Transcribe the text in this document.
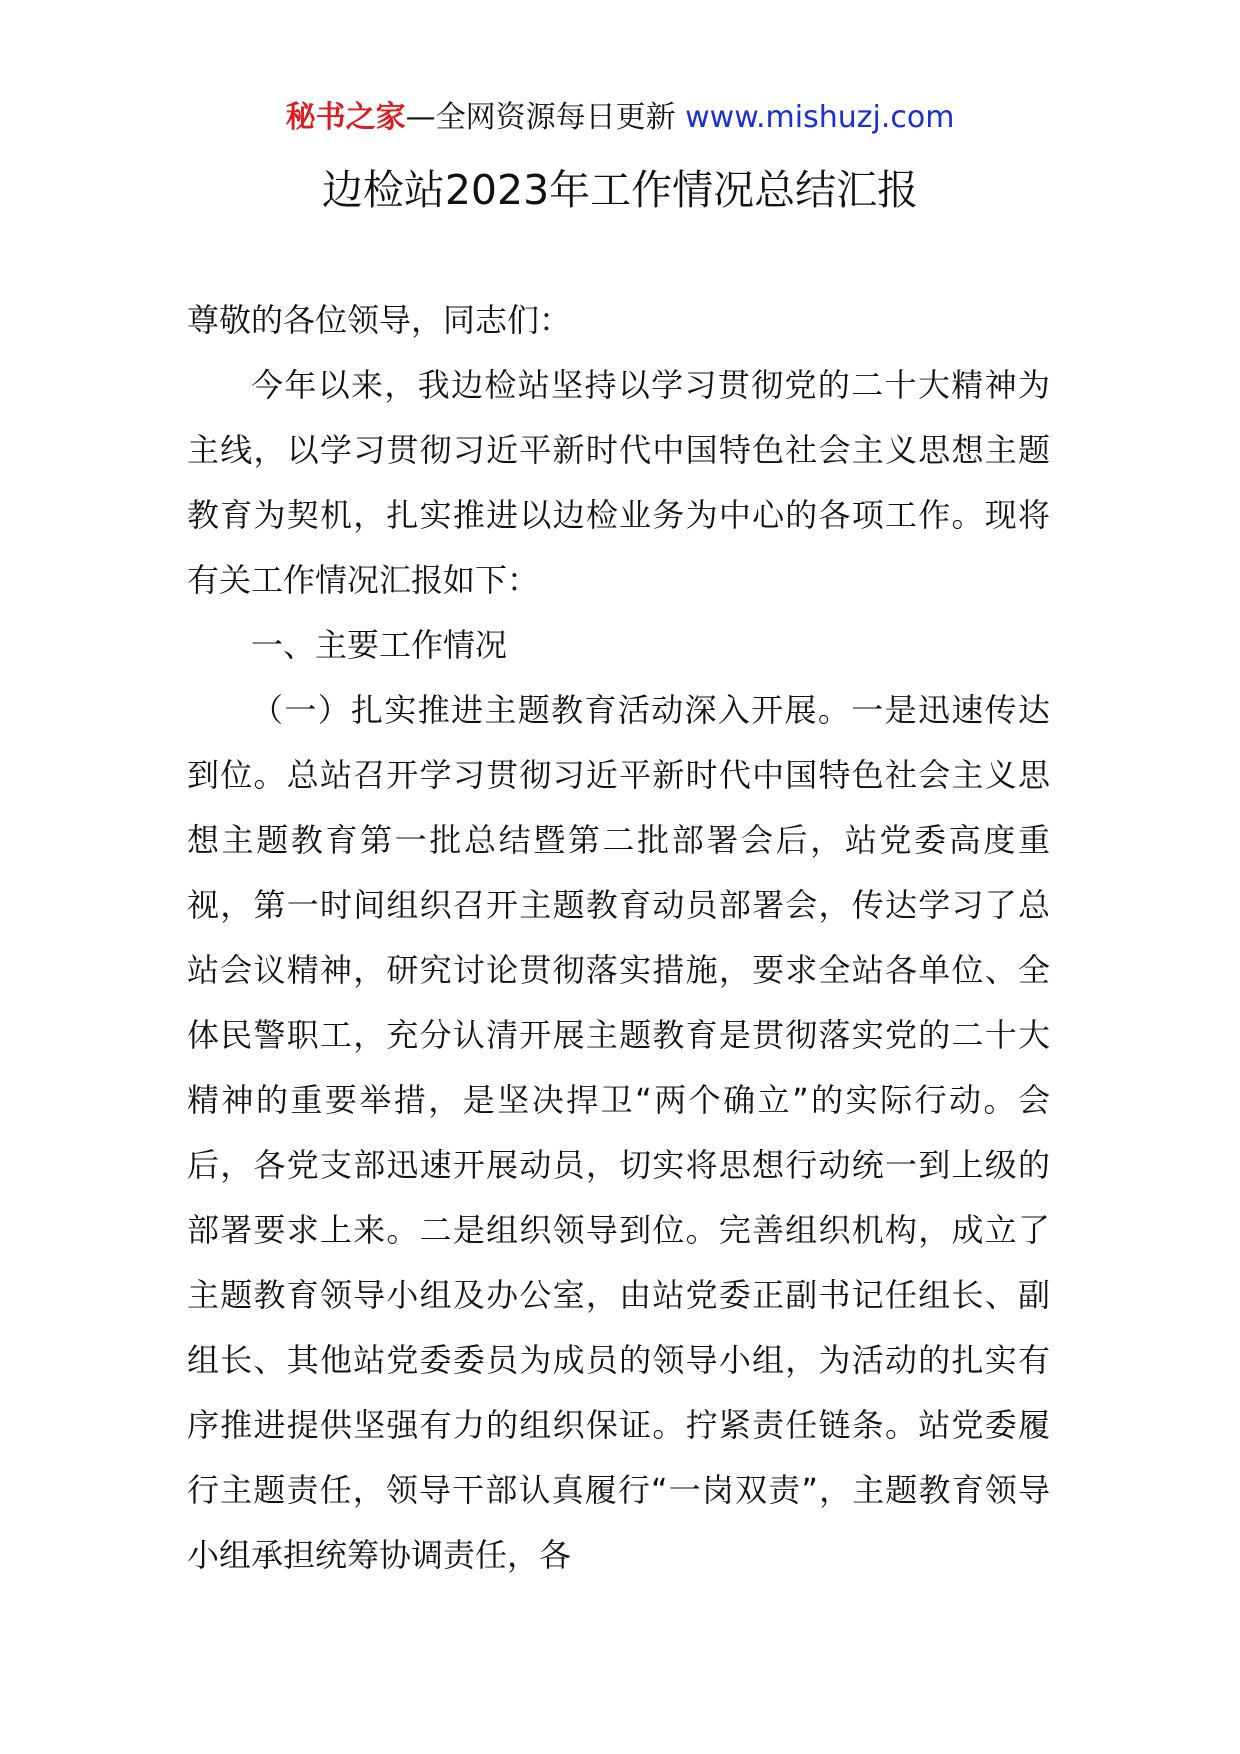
秘书之家—全网资源每日更新 www.mishuzj.com
边检站2023年工作情况总结汇报

尊敬的各位领导，同志们：

今年以来，我边检站坚持以学习贯彻党的二十大精神为主线，以学习贯彻习近平新时代中国特色社会主义思想主题教育为契机，扎实推进以边检业务为中心的各项工作。现将有关工作情况汇报如下：

一、主要工作情况

（一）扎实推进主题教育活动深入开展。一是迅速传达到位。总站召开学习贯彻习近平新时代中国特色社会主义思想主题教育第一批总结暨第二批部署会后，站党委高度重视，第一时间组织召开主题教育动员部署会，传达学习了总站会议精神，研究讨论贯彻落实措施，要求全站各单位、全体民警职工，充分认清开展主题教育是贯彻落实党的二十大精神的重要举措，是坚决捍卫“两个确立”的实际行动。会后，各党支部迅速开展动员，切实将思想行动统一到上级的部署要求上来。二是组织领导到位。完善组织机构，成立了主题教育领导小组及办公室，由站党委正副书记任组长、副组长、其他站党委委员为成员的领导小组，为活动的扎实有序推进提供坚强有力的组织保证。拧紧责任链条。站党委履行主题责任，领导干部认真履行“一岗双责”，主题教育领导小组承担统筹协调责任，各
